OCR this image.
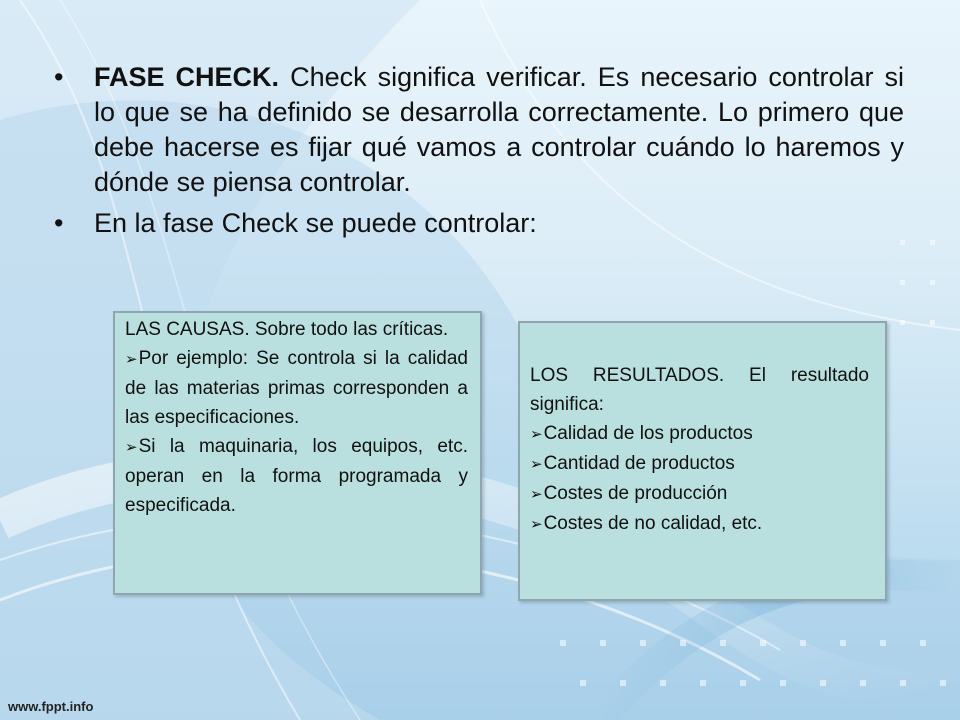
• FASE CHECK. Check significa verificar. Es necesario controlar si lo que se ha definido se desarrolla correctamente. Lo primero que debe hacerse es fijar qué vamos a controlar cuándo lo haremos y dónde se piensa controlar.
• En la fase Check se puede controlar:
LAS CAUSAS. Sobre todo las críticas.
➢Por ejemplo: Se controla si la calidad de las materias primas corresponden a las especificaciones.
➢Si la maquinaria, los equipos, etc. operan en la forma programada y especificada.
LOS RESULTADOS. El resultado significa:
➢Calidad de los productos
➢Cantidad de productos
➢Costes de producción
➢Costes de no calidad, etc.
www.fppt.info
